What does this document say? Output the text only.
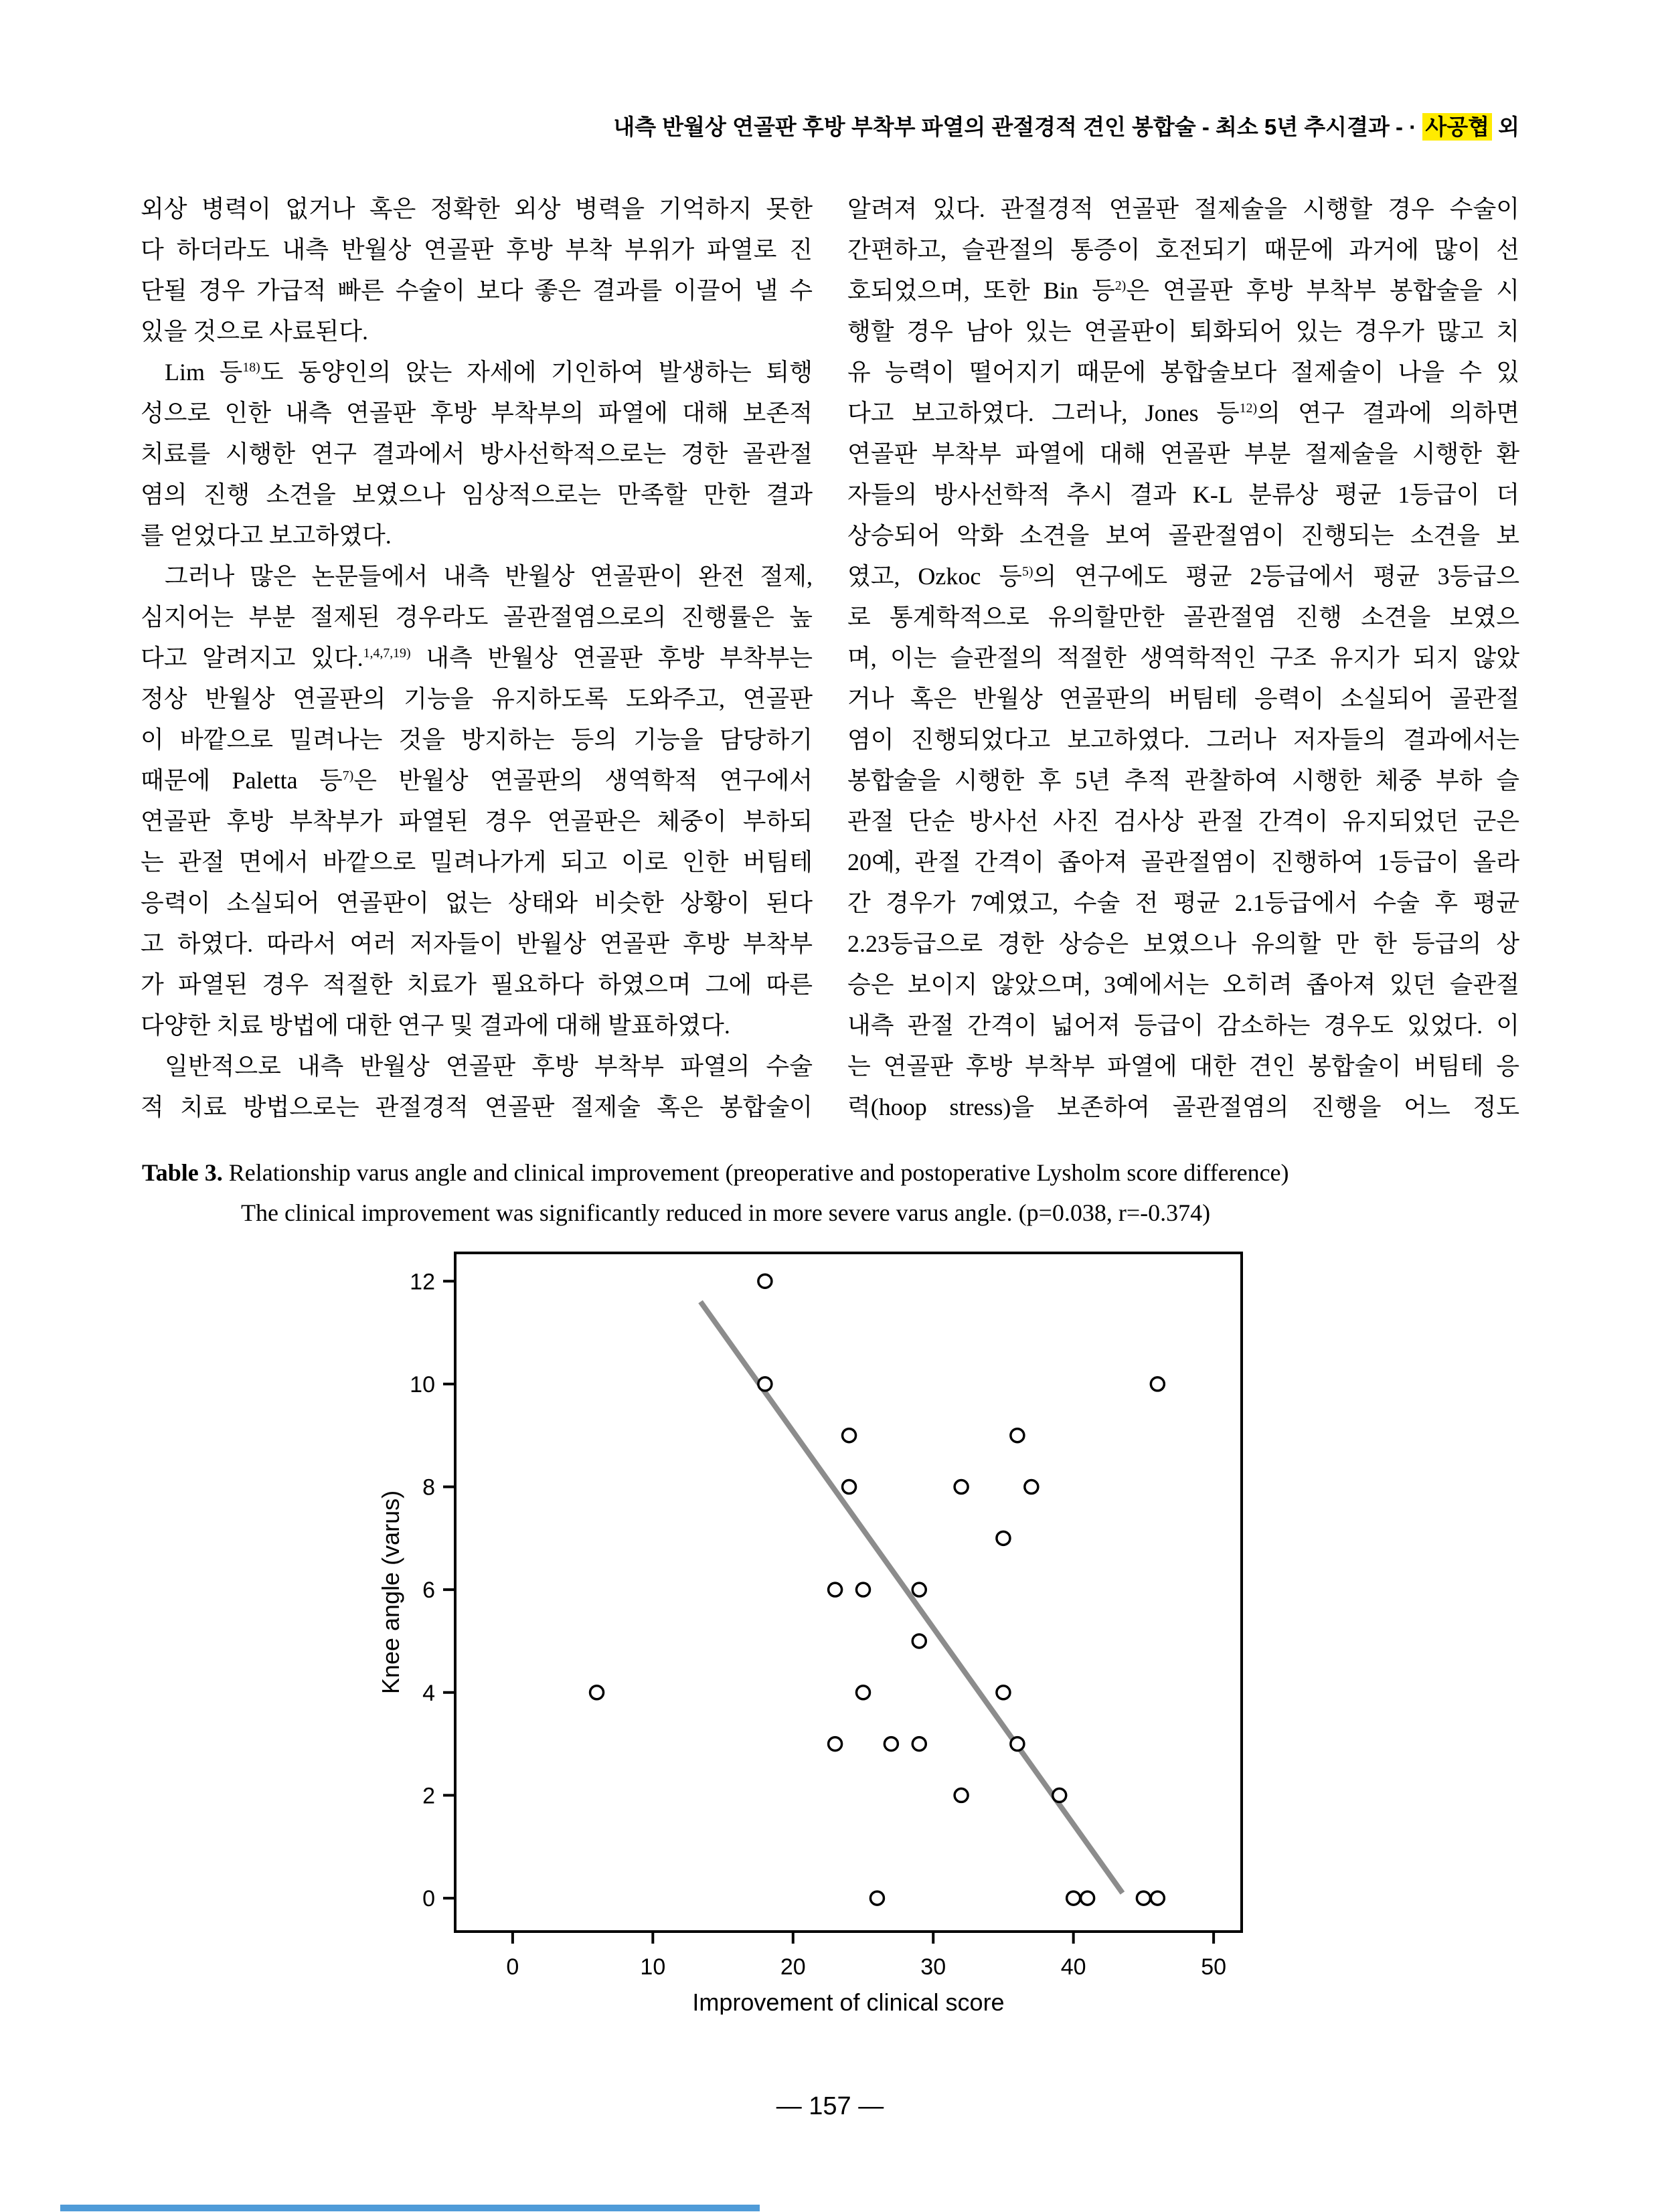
내측 반월상 연골판 후방 부착부 파열의 관절경적 견인 봉합술 - 최소 5년 추시결과 - · 사공협 외
외상 병력이 없거나 혹은 정확한 외상 병력을 기억하지 못한
다 하더라도 내측 반월상 연골판 후방 부착 부위가 파열로 진
단될 경우 가급적 빠른 수술이 보다 좋은 결과를 이끌어 낼 수
있을 것으로 사료된다.
Lim 등$^{18)}$도 동양인의 앉는 자세에 기인하여 발생하는 퇴행
성으로 인한 내측 연골판 후방 부착부의 파열에 대해 보존적
치료를 시행한 연구 결과에서 방사선학적으로는 경한 골관절
염의 진행 소견을 보였으나 임상적으로는 만족할 만한 결과
를 얻었다고 보고하였다.
그러나 많은 논문들에서 내측 반월상 연골판이 완전 절제,
심지어는 부분 절제된 경우라도 골관절염으로의 진행률은 높
다고 알려지고 있다.$^{1,4,7,19)}$ 내측 반월상 연골판 후방 부착부는
정상 반월상 연골판의 기능을 유지하도록 도와주고, 연골판
이 바깥으로 밀려나는 것을 방지하는 등의 기능을 담당하기
때문에 Paletta 등$^{7)}$은 반월상 연골판의 생역학적 연구에서
연골판 후방 부착부가 파열된 경우 연골판은 체중이 부하되
는 관절 면에서 바깥으로 밀려나가게 되고 이로 인한 버팀테
응력이 소실되어 연골판이 없는 상태와 비슷한 상황이 된다
고 하였다. 따라서 여러 저자들이 반월상 연골판 후방 부착부
가 파열된 경우 적절한 치료가 필요하다 하였으며 그에 따른
다양한 치료 방법에 대한 연구 및 결과에 대해 발표하였다.
일반적으로 내측 반월상 연골판 후방 부착부 파열의 수술
적 치료 방법으로는 관절경적 연골판 절제술 혹은 봉합술이
알려져 있다. 관절경적 연골판 절제술을 시행할 경우 수술이
간편하고, 슬관절의 통증이 호전되기 때문에 과거에 많이 선
호되었으며, 또한 Bin 등$^{2)}$은 연골판 후방 부착부 봉합술을 시
행할 경우 남아 있는 연골판이 퇴화되어 있는 경우가 많고 치
유 능력이 떨어지기 때문에 봉합술보다 절제술이 나을 수 있
다고 보고하였다. 그러나, Jones 등$^{12)}$의 연구 결과에 의하면
연골판 부착부 파열에 대해 연골판 부분 절제술을 시행한 환
자들의 방사선학적 추시 결과 K-L 분류상 평균 1등급이 더
상승되어 악화 소견을 보여 골관절염이 진행되는 소견을 보
였고, Ozkoc 등$^{5)}$의 연구에도 평균 2등급에서 평균 3등급으
로 통계학적으로 유의할만한 골관절염 진행 소견을 보였으
며, 이는 슬관절의 적절한 생역학적인 구조 유지가 되지 않았
거나 혹은 반월상 연골판의 버팀테 응력이 소실되어 골관절
염이 진행되었다고 보고하였다. 그러나 저자들의 결과에서는
봉합술을 시행한 후 5년 추적 관찰하여 시행한 체중 부하 슬
관절 단순 방사선 사진 검사상 관절 간격이 유지되었던 군은
20예, 관절 간격이 좁아져 골관절염이 진행하여 1등급이 올라
간 경우가 7예였고, 수술 전 평균 2.1등급에서 수술 후 평균
2.23등급으로 경한 상승은 보였으나 유의할 만 한 등급의 상
승은 보이지 않았으며, 3예에서는 오히려 좁아져 있던 슬관절
내측 관절 간격이 넓어져 등급이 감소하는 경우도 있었다. 이
는 연골판 후방 부착부 파열에 대한 견인 봉합술이 버팀테 응
력(hoop stress)을 보존하여 골관절염의 진행을 어느 정도
Table 3. Relationship varus angle and clinical improvement (preoperative and postoperative Lysholm score difference)
The clinical improvement was significantly reduced in more severe varus angle. (p=0.038, r=-0.374)
0
2
4
6
8
10
12
0	10	20	30	40	50
Improvement of clinical score
Knee angle (varus)
— 157 —
